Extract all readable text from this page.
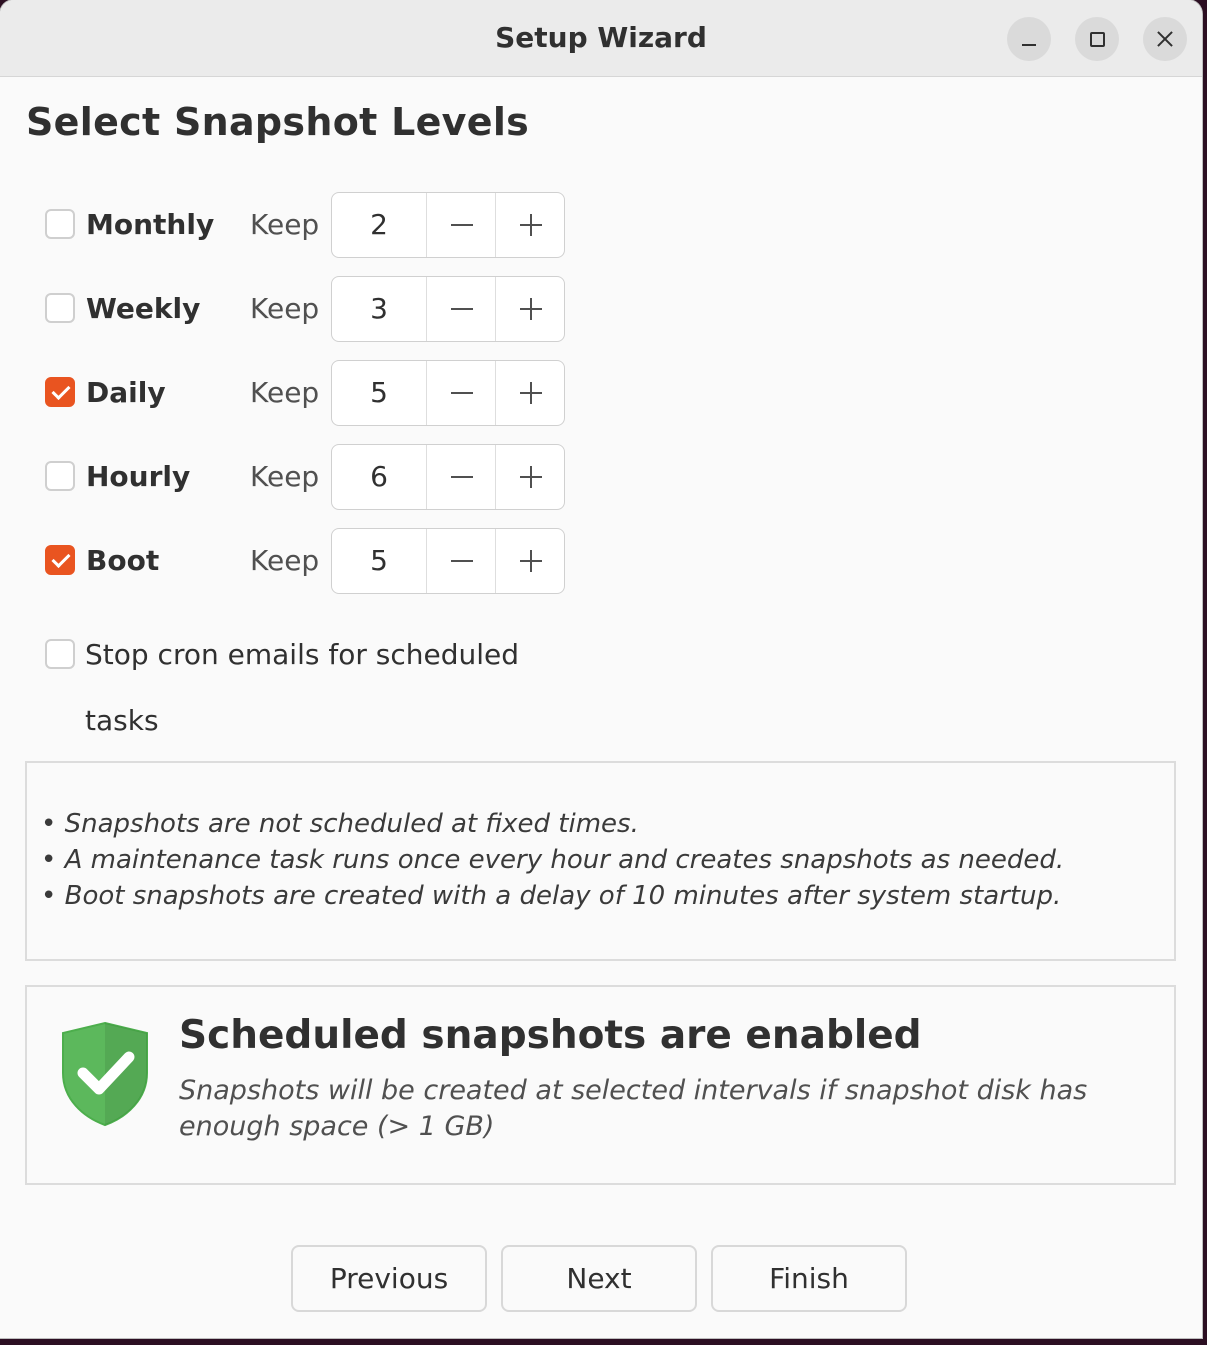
Setup Wizard
Select Snapshot Levels
Monthly Keep	2
Weekly Keep	3
Daily	Keep	5
Hourly Keep	6
Boot	Keep	5
Stop cron emails for scheduled tasks
• Snapshots are not scheduled at fixed times.
• A maintenance task runs once every hour and creates snapshots as needed.
• Boot snapshots are created with a delay of 10 minutes after system startup.
Scheduled snapshots are enabled
Snapshots will be created at selected intervals if snapshot disk has enough space (> 1 GB)
Previous	Next	Finish
